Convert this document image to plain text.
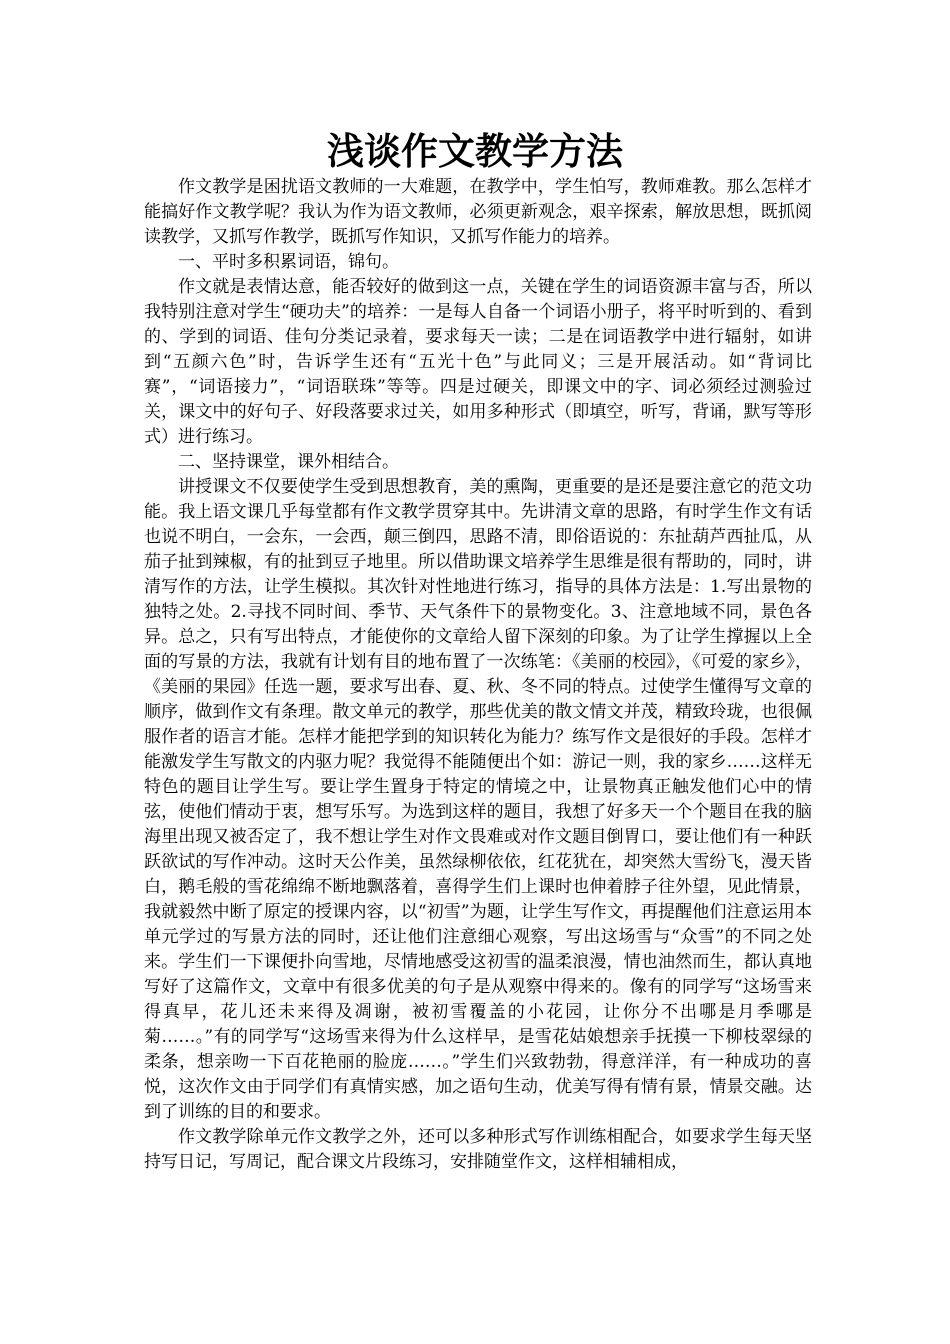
浅谈作文教学方法

作文教学是困扰语文教师的一大难题，在教学中，学生怕写，教师难教。那么怎样才能搞好作文教学呢？我认为作为语文教师，必须更新观念，艰辛探索，解放思想，既抓阅读教学，又抓写作教学，既抓写作知识，又抓写作能力的培养。

一、平时多积累词语，锦句。

作文就是表情达意，能否较好的做到这一点，关键在学生的词语资源丰富与否，所以我特别注意对学生“硬功夫”的培养：一是每人自备一个词语小册子，将平时听到的、看到的、学到的词语、佳句分类记录着，要求每天一读；二是在词语教学中进行辐射，如讲到“五颜六色”时，告诉学生还有“五光十色”与此同义；三是开展活动。如“背词比赛”，“词语接力”，“词语联珠”等等。四是过硬关，即课文中的字、词必须经过测验过关，课文中的好句子、好段落要求过关，如用多种形式（即填空，听写，背诵，默写等形式）进行练习。

二、坚持课堂，课外相结合。

讲授课文不仅要使学生受到思想教育，美的熏陶，更重要的是还是要注意它的范文功能。我上语文课几乎每堂都有作文教学贯穿其中。先讲清文章的思路，有时学生作文有话也说不明白，一会东，一会西，颠三倒四，思路不清，即俗语说的：东扯葫芦西扯瓜，从茄子扯到辣椒，有的扯到豆子地里。所以借助课文培养学生思维是很有帮助的，同时，讲清写作的方法，让学生模拟。其次针对性地进行练习，指导的具体方法是：1.写出景物的独特之处。2.寻找不同时间、季节、天气条件下的景物变化。3、注意地域不同，景色各异。总之，只有写出特点，才能使你的文章给人留下深刻的印象。为了让学生撑握以上全面的写景的方法，我就有计划有目的地布置了一次练笔：《美丽的校园》，《可爱的家乡》，《美丽的果园》任选一题，要求写出春、夏、秋、冬不同的特点。过使学生懂得写文章的顺序，做到作文有条理。散文单元的教学，那些优美的散文情文并茂，精致玲珑，也很佩服作者的语言才能。怎样才能把学到的知识转化为能力？练写作文是很好的手段。怎样才能激发学生写散文的内驱力呢？我觉得不能随便出个如：游记一则，我的家乡……这样无特色的题目让学生写。要让学生置身于特定的情境之中，让景物真正触发他们心中的情弦，使他们情动于衷，想写乐写。为选到这样的题目，我想了好多天一个个题目在我的脑海里出现又被否定了，我不想让学生对作文畏难或对作文题目倒胃口，要让他们有一种跃跃欲试的写作冲动。这时天公作美，虽然绿柳依依，红花犹在，却突然大雪纷飞，漫天皆白，鹅毛般的雪花绵绵不断地飘落着，喜得学生们上课时也伸着脖子往外望，见此情景，我就毅然中断了原定的授课内容，以“初雪”为题，让学生写作文，再提醒他们注意运用本单元学过的写景方法的同时，还让他们注意细心观察，写出这场雪与“众雪”的不同之处来。学生们一下课便扑向雪地，尽情地感受这初雪的温柔浪漫，情也油然而生，都认真地写好了这篇作文，文章中有很多优美的句子是从观察中得来的。像有的同学写“这场雪来得真早，花儿还未来得及凋谢，被初雪覆盖的小花园，让你分不出哪是月季哪是菊……。”有的同学写“这场雪来得为什么这样早，是雪花姑娘想亲手抚摸一下柳枝翠绿的柔条，想亲吻一下百花艳丽的脸庞……。”学生们兴致勃勃，得意洋洋，有一种成功的喜悦，这次作文由于同学们有真情实感，加之语句生动，优美写得有情有景，情景交融。达到了训练的目的和要求。

作文教学除单元作文教学之外，还可以多种形式写作训练相配合，如要求学生每天坚持写日记，写周记，配合课文片段练习，安排随堂作文，这样相辅相成，
